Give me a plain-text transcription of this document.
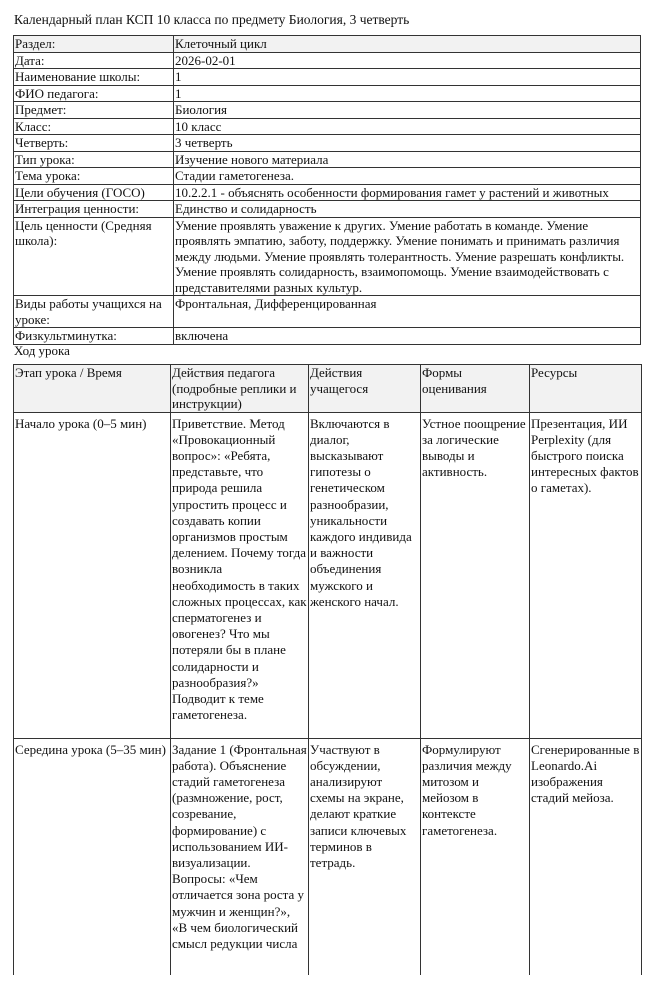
Календарный план КСП 10 класса по предмету Биология, 3 четверть
Раздел:	Клеточный цикл
Дата:	2026-02-01
Наименование школы:	1
ФИО педагога:	1
Предмет:	Биология
Класс:	10 класс
Четверть:	3 четверть
Тип урока:	Изучение нового материала
Тема урока:	Стадии гаметогенеза.
Цели обучения (ГОСО)	10.2.2.1 - объяснять особенности формирования гамет у растений и животных
Интеграция ценности:	Единство и солидарность
Цель ценности (Средняя школа):	Умение проявлять уважение к других. Умение работать в команде. Умение проявлять эмпатию, заботу, поддержку. Умение понимать и принимать различия между людьми. Умение проявлять толерантность. Умение разрешать конфликты. Умение проявлять солидарность, взаимопомощь. Умение взаимодействовать с представителями разных культур.
Виды работы учащихся на уроке:	Фронтальная, Дифференцированная
Физкультминутка:	включена
Ход урока
Этап урока / Время	Действия педагога (подробные реплики и инструкции)	Действия учащегося	Формы оценивания	Ресурсы
Начало урока (0–5 мин)	Приветствие. Метод «Провокационный вопрос»: «Ребята, представьте, что природа решила упростить процесс и создавать копии организмов простым делением. Почему тогда возникла необходимость в таких сложных процессах, как сперматогенез и овогенез? Что мы потеряли бы в плане солидарности и разнообразия?» Подводит к теме гаметогенеза.	Включаются в диалог, высказывают гипотезы о генетическом разнообразии, уникальности каждого индивида и важности объединения мужского и женского начал.	Устное поощрение за логические выводы и активность.	Презентация, ИИ Perplexity (для быстрого поиска интересных фактов о гаметах).
Середина урока (5–35 мин)	Задание 1 (Фронтальная работа). Объяснение стадий гаметогенеза (размножение, рост, созревание, формирование) с использованием ИИ-визуализации. Вопросы: «Чем отличается зона роста у мужчин и женщин?», «В чем биологический смысл редукции числа	Участвуют в обсуждении, анализируют схемы на экране, делают краткие записи ключевых терминов в тетрадь.	Формулируют различия между митозом и мейозом в контексте гаметогенеза.	Сгенерированные в Leonardo.Ai изображения стадий мейоза.
